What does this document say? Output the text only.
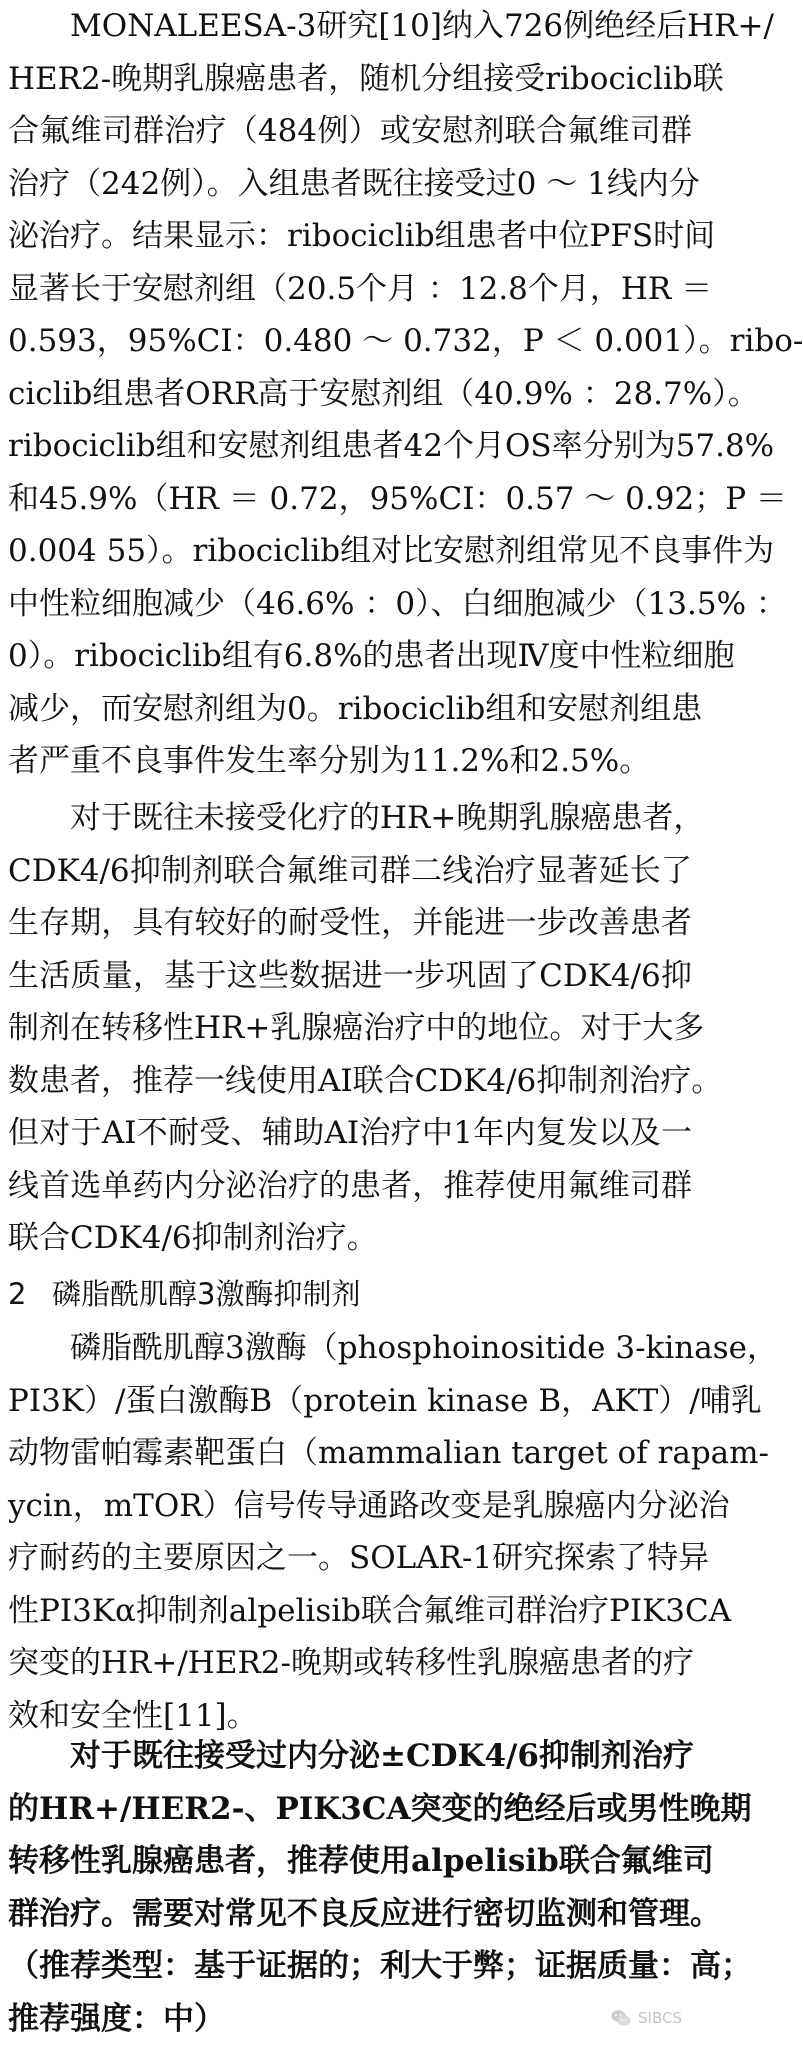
MONALEESA-3研究[10]纳入726例绝经后HR+/
HER2-晚期乳腺癌患者，随机分组接受ribociclib联
合氟维司群治疗（484例）或安慰剂联合氟维司群
治疗（242例）。入组患者既往接受过0 ～ 1线内分
泌治疗。结果显示：ribociclib组患者中位PFS时间
显著长于安慰剂组（20.5个月 ：12.8个月，HR ＝
0.593，95%CI：0.480 ～ 0.732，P ＜ 0.001）。ribo-
ciclib组患者ORR高于安慰剂组（40.9% ：28.7%）。
ribociclib组和安慰剂组患者42个月OS率分别为57.8%
和45.9%（HR ＝ 0.72，95%CI：0.57 ～ 0.92；P ＝
0.004 55）。ribociclib组对比安慰剂组常见不良事件为
中性粒细胞减少（46.6% ：0）、白细胞减少（13.5% ：
0）。ribociclib组有6.8%的患者出现Ⅳ度中性粒细胞
减少，而安慰剂组为0。ribociclib组和安慰剂组患
者严重不良事件发生率分别为11.2%和2.5%。
对于既往未接受化疗的HR+晚期乳腺癌患者，
CDK4/6抑制剂联合氟维司群二线治疗显著延长了
生存期，具有较好的耐受性，并能进一步改善患者
生活质量，基于这些数据进一步巩固了CDK4/6抑
制剂在转移性HR+乳腺癌治疗中的地位。对于大多
数患者，推荐一线使用AI联合CDK4/6抑制剂治疗。
但对于AI不耐受、辅助AI治疗中1年内复发以及一
线首选单药内分泌治疗的患者，推荐使用氟维司群
联合CDK4/6抑制剂治疗。
2 磷脂酰肌醇3激酶抑制剂
磷脂酰肌醇3激酶（phosphoinositide 3-kinase，
PI3K）/蛋白激酶B（protein kinase B，AKT）/哺乳
动物雷帕霉素靶蛋白（mammalian target of rapam-
ycin，mTOR）信号传导通路改变是乳腺癌内分泌治
疗耐药的主要原因之一。SOLAR-1研究探索了特异
性PI3Kα抑制剂alpelisib联合氟维司群治疗PIK3CA
突变的HR+/HER2-晚期或转移性乳腺癌患者的疗
效和安全性[11]。
对于既往接受过内分泌±CDK4/6抑制剂治疗
的HR+/HER2-、PIK3CA突变的绝经后或男性晚期
转移性乳腺癌患者，推荐使用alpelisib联合氟维司
群治疗。需要对常见不良反应进行密切监测和管理。
（推荐类型：基于证据的；利大于弊；证据质量：高；
推荐强度：中）	SIBCS
